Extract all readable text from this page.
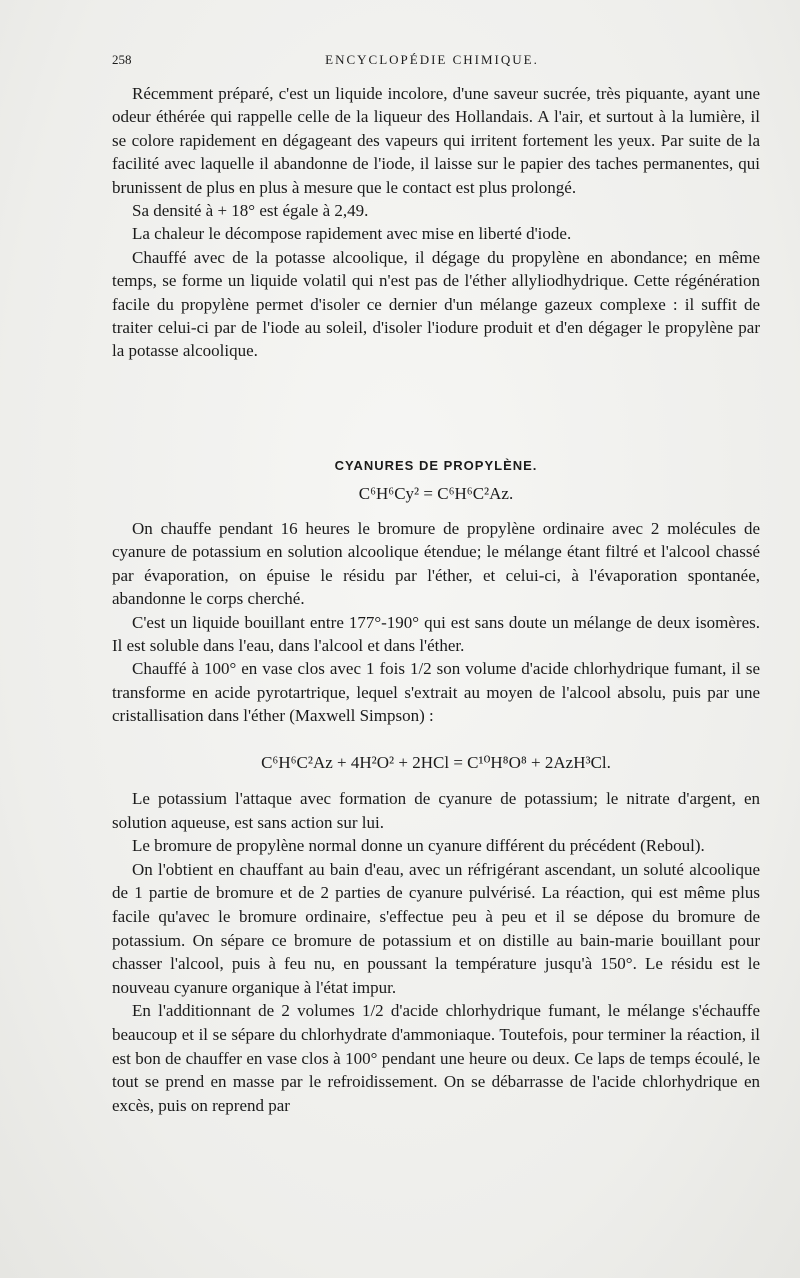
258	ENCYCLOPÉDIE CHIMIQUE.

Récemment préparé, c'est un liquide incolore, d'une saveur sucrée, très piquante, ayant une odeur éthérée qui rappelle celle de la liqueur des Hollandais. A l'air, et surtout à la lumière, il se colore rapidement en dégageant des vapeurs qui irritent fortement les yeux. Par suite de la facilité avec laquelle il abandonne de l'iode, il laisse sur le papier des taches permanentes, qui brunissent de plus en plus à mesure que le contact est plus prolongé.

Sa densité à + 18° est égale à 2,49.

La chaleur le décompose rapidement avec mise en liberté d'iode.

Chauffé avec de la potasse alcoolique, il dégage du propylène en abondance; en même temps, se forme un liquide volatil qui n'est pas de l'éther allyliodhydrique. Cette régénération facile du propylène permet d'isoler ce dernier d'un mélange gazeux complexe : il suffit de traiter celui-ci par de l'iode au soleil, d'isoler l'iodure produit et d'en dégager le propylène par la potasse alcoolique.

CYANURES DE PROPYLÈNE.
C⁶H⁶Cy² = C⁶H⁶C²Az.

On chauffe pendant 16 heures le bromure de propylène ordinaire avec 2 molécules de cyanure de potassium en solution alcoolique étendue; le mélange étant filtré et l'alcool chassé par évaporation, on épuise le résidu par l'éther, et celui-ci, à l'évaporation spontanée, abandonne le corps cherché.

C'est un liquide bouillant entre 177°-190° qui est sans doute un mélange de deux isomères. Il est soluble dans l'eau, dans l'alcool et dans l'éther.

Chauffé à 100° en vase clos avec 1 fois 1/2 son volume d'acide chlorhydrique fumant, il se transforme en acide pyrotartrique, lequel s'extrait au moyen de l'alcool absolu, puis par une cristallisation dans l'éther (Maxwell Simpson) :

C⁶H⁶C²Az + 4H²O² + 2HCl = C¹⁰H⁸O⁸ + 2AzH³Cl.

Le potassium l'attaque avec formation de cyanure de potassium; le nitrate d'argent, en solution aqueuse, est sans action sur lui.

Le bromure de propylène normal donne un cyanure différent du précédent (Reboul).

On l'obtient en chauffant au bain d'eau, avec un réfrigérant ascendant, un soluté alcoolique de 1 partie de bromure et de 2 parties de cyanure pulvérisé. La réaction, qui est même plus facile qu'avec le bromure ordinaire, s'effectue peu à peu et il se dépose du bromure de potassium. On sépare ce bromure de potassium et on distille au bain-marie bouillant pour chasser l'alcool, puis à feu nu, en poussant la température jusqu'à 150°. Le résidu est le nouveau cyanure organique à l'état impur.

En l'additionnant de 2 volumes 1/2 d'acide chlorhydrique fumant, le mélange s'échauffe beaucoup et il se sépare du chlorhydrate d'ammoniaque. Toutefois, pour terminer la réaction, il est bon de chauffer en vase clos à 100° pendant une heure ou deux. Ce laps de temps écoulé, le tout se prend en masse par le refroidissement. On se débarrasse de l'acide chlorhydrique en excès, puis on reprend par
